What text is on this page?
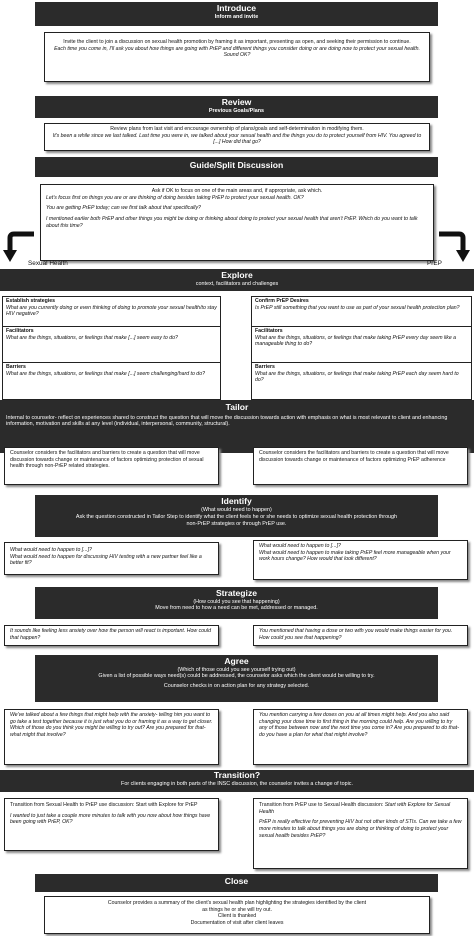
Introduce
Inform and invite

Invite the client to join a discussion on sexual health promotion by framing it as important, presenting as open, and seeking their permission to continue.

Each time you come in, I'll ask you about how things are going with PrEP and different things you consider doing or are doing now to protect your sexual health. Sound OK?

Review
Previous Goals/Plans

Review plans from last visit and encourage ownership of plans/goals and self-determination in modifying them.

It's been a while since we last talked. Last time you were in, we talked about your sexual health and the things you do to protect yourself from HIV. You agreed to [...] How did that go?

Guide/Split Discussion

Ask if OK to focus on one of the main areas and, if appropriate, ask which.

Let's focus first on things you are or are thinking of doing besides taking PrEP to protect your sexual health. OK?

You are getting PrEP today; can we first talk about that specifically?

I mentioned earlier both PrEP and other things you might be doing or thinking about doing to protect your sexual health that aren't PrEP. Which do you want to talk about this time?

Sexual Health	PrEP
Explore
context, facilitators and challenges

Establish strategies

What are you currently doing or even thinking of doing to promote your sexual health/to stay HIV negative?

Facilitators

What are the things, situations, or feelings that make [...] seem easy to do?

Barriers

What are the things, situations, or feelings that make [...] seem challenging/hard to do?

Confirm PrEP Desires

Is PrEP still something that you want to use as part of your sexual health protection plan?

Facilitators

What are the things, situations, or feelings that make taking PrEP every day seem like a manageable thing to do?

Barriers

What are the things, situations, or feelings that make taking PrEP each day seem hard to do?

Tailor
Internal to counselor- reflect on experiences shared to construct the question that will move the discussion towards action with emphasis on what is most relevant to client and enhancing information, motivation and skills at any level (individual, interpersonal, community, structural).

Counselor considers the facilitators and barriers to create a question that will move discussion towards change or maintenance of factors optimizing protection of sexual health through non-PrEP related strategies.

Counselor considers the facilitators and barriers to create a question that will move discussion towards change or maintenance of factors optimizing PrEP adherence

Identify
(What would need to happen)
Ask the question constructed in Tailor Step to identify what the client feels he or she needs to optimize sexual health protection through non-PrEP strategies or through PrEP use.

What would need to happen to [...]?

What would need to happen for discussing HIV testing with a new partner feel like a better fit?

What would need to happen to [...]?

What would need to happen to make taking PrEP feel more manageable when your work hours change? How would that look different?

Strategize
(How could you see that happening)
Move from need to how a need can be met, addressed or managed.

It sounds like feeling less anxiety over how the person will react is important. How could that happen?

You mentioned that having a dose or two with you would make things easier for you. How could you see that happening?

Agree
(Which of those could you see yourself trying out)
Given a list of possible ways need(s) could be addressed, the counselor asks which the client would be willing to try.
Counselor checks in on action plan for any strategy selected.

We've talked about a few things that might help with the anxiety- telling him you want to go take a test together because it is just what you do or framing it as a way to get closer. Which of those do you think you might be willing to try out? Are you prepared for that- what might that involve?

You mention carrying a few doses on you at all times might help. And you also said changing your dose time to first thing in the morning could help. Are you willing to try any of those between now and the next time you come in? Are you prepared to do that- do you have a plan for what that might involve?

Transition?
For clients engaging in both parts of the INSC discussion, the counselor invites a change of topic.

Transition from Sexual Health to PrEP use discussion: Start with Explore for PrEP

I wanted to just take a couple more minutes to talk with you now about how things have been going with PrEP, OK?

Transition from PrEP use to Sexual Health discussion: Start with Explore for Sexual Health

PrEP is really effective for preventing HIV but not other kinds of STIs. Can we take a few more minutes to talk about things you are doing or thinking of doing to protect your sexual health besides PrEP?

Close

Counselor provides a summary of the client's sexual health plan highlighting the strategies identified by the client as things he or she will try out.

Client is thanked

Documentation of visit after client leaves
